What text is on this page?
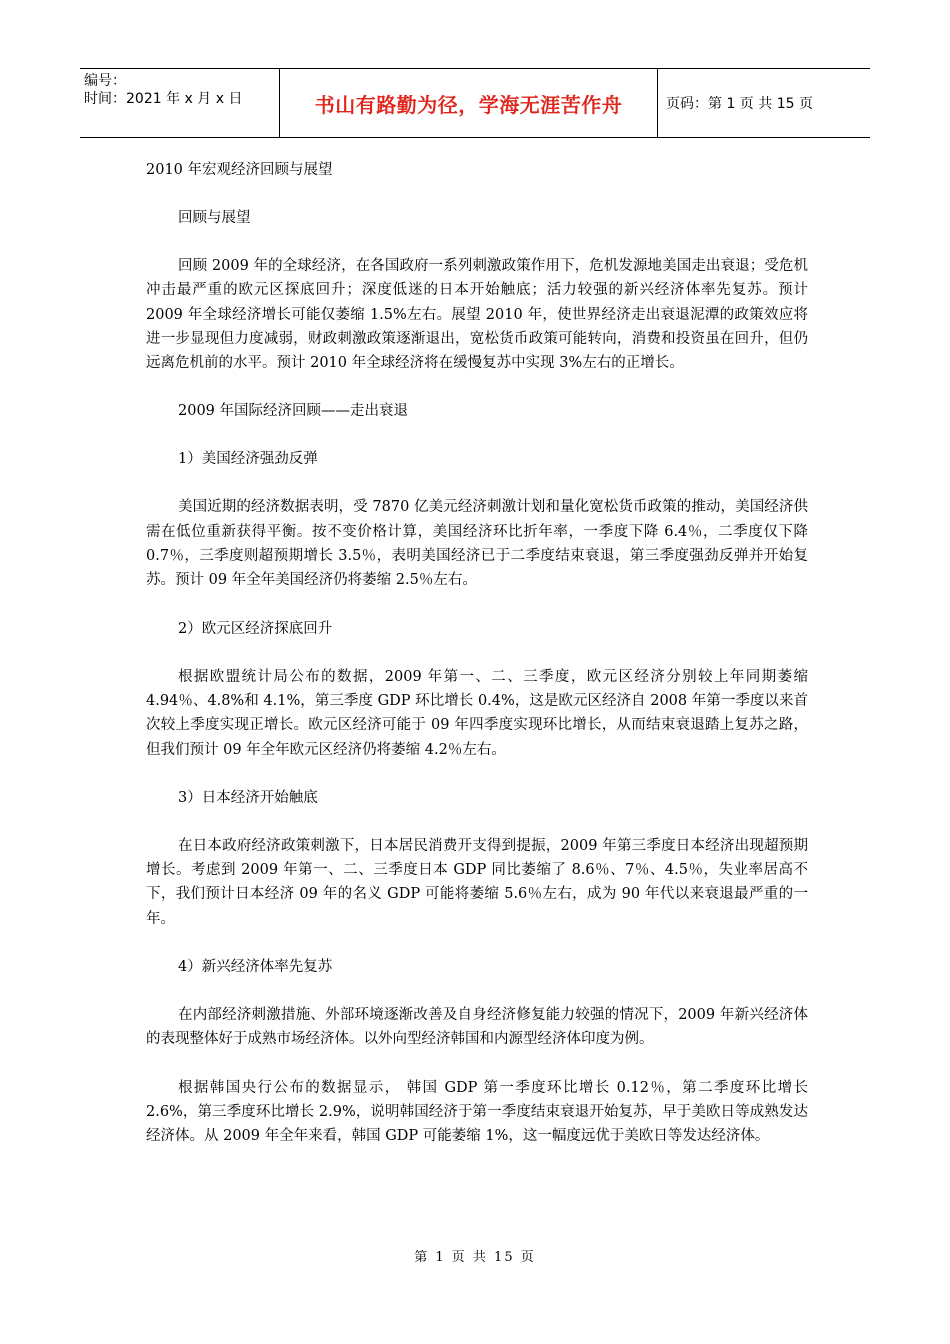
编号：
时间：2021 年 x 月 x 日	书山有路勤为径，学海无涯苦作舟	页码：第 1 页 共 15 页

2010 年宏观经济回顾与展望

回顾与展望

回顾 2009 年的全球经济，在各国政府一系列刺激政策作用下，危机发源地美国走出衰退；受危机冲击最严重的欧元区探底回升；深度低迷的日本开始触底；活力较强的新兴经济体率先复苏。预计 2009 年全球经济增长可能仅萎缩 1.5%左右。展望 2010 年，使世界经济走出衰退泥潭的政策效应将进一步显现但力度减弱，财政刺激政策逐渐退出，宽松货币政策可能转向，消费和投资虽在回升，但仍远离危机前的水平。预计 2010 年全球经济将在缓慢复苏中实现 3%左右的正增长。

2009 年国际经济回顾——走出衰退

1）美国经济强劲反弹

美国近期的经济数据表明，受 7870 亿美元经济刺激计划和量化宽松货币政策的推动，美国经济供需在低位重新获得平衡。按不变价格计算，美国经济环比折年率，一季度下降 6.4％，二季度仅下降 0.7％，三季度则超预期增长 3.5％，表明美国经济已于二季度结束衰退，第三季度强劲反弹并开始复苏。预计 09 年全年美国经济仍将萎缩 2.5％左右。

2）欧元区经济探底回升

根据欧盟统计局公布的数据，2009 年第一、二、三季度，欧元区经济分别较上年同期萎缩 4.94％、4.8%和 4.1%，第三季度 GDP 环比增长 0.4%，这是欧元区经济自 2008 年第一季度以来首次较上季度实现正增长。欧元区经济可能于 09 年四季度实现环比增长，从而结束衰退踏上复苏之路，但我们预计 09 年全年欧元区经济仍将萎缩 4.2％左右。

3）日本经济开始触底

在日本政府经济政策刺激下，日本居民消费开支得到提振，2009 年第三季度日本经济出现超预期增长。考虑到 2009 年第一、二、三季度日本 GDP 同比萎缩了 8.6％、7％、4.5％，失业率居高不下，我们预计日本经济 09 年的名义 GDP 可能将萎缩 5.6％左右，成为 90 年代以来衰退最严重的一年。

4）新兴经济体率先复苏

在内部经济刺激措施、外部环境逐渐改善及自身经济修复能力较强的情况下，2009 年新兴经济体的表现整体好于成熟市场经济体。以外向型经济韩国和内源型经济体印度为例。

根据韩国央行公布的数据显示， 韩国 GDP 第一季度环比增长 0.12％，第二季度环比增长 2.6%，第三季度环比增长 2.9%，说明韩国经济于第一季度结束衰退开始复苏，早于美欧日等成熟发达经济体。从 2009 年全年来看，韩国 GDP 可能萎缩 1%，这一幅度远优于美欧日等发达经济体。

第 1 页 共 15 页
